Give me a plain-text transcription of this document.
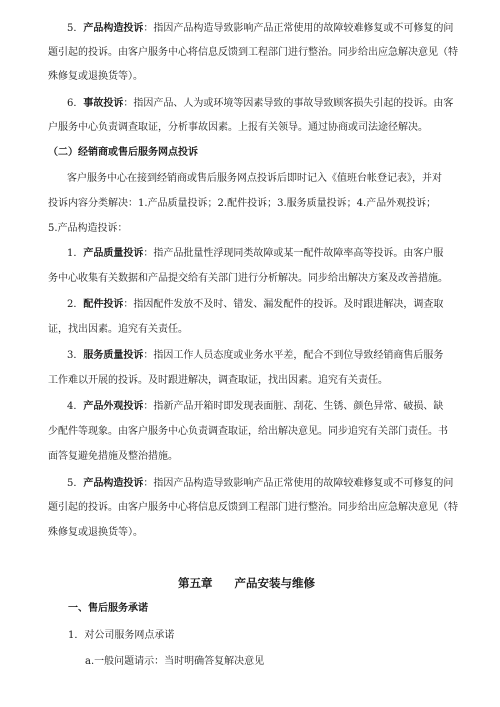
5．产品构造投诉：指因产品构造导致影响产品正常使用的故障较难修复或不可修复的问
题引起的投诉。由客户服务中心将信息反馈到工程部门进行整治。同步给出应急解决意见（特
殊修复或退换货等）。
6．事故投诉：指因产品、人为或环境等因素导致的事故导致顾客损失引起的投诉。由客
户服务中心负责调查取证，分析事故因素。上报有关领导。通过协商或司法途径解决。
（二）经销商或售后服务网点投诉
客户服务中心在接到经销商或售后服务网点投诉后即时记入《值班台帐登记表》，并对
投诉内容分类解决：1.产品质量投诉；2.配件投诉；3.服务质量投诉；4.产品外观投诉；
5.产品构造投诉：
1．产品质量投诉：指产品批量性浮现同类故障或某一配件故障率高等投诉。由客户服
务中心收集有关数据和产品提交给有关部门进行分析解决。同步给出解决方案及改善措施。
2．配件投诉：指因配件发放不及时、错发、漏发配件的投诉。及时跟进解决，调查取
证，找出因素。追究有关责任。
3．服务质量投诉：指因工作人员态度或业务水平差，配合不到位导致经销商售后服务
工作难以开展的投诉。及时跟进解决，调查取证，找出因素。追究有关责任。
4．产品外观投诉：指新产品开箱时即发现表面脏、刮花、生锈、颜色异常、破损、缺
少配件等现象。由客户服务中心负责调查取证，给出解决意见。同步追究有关部门责任。书
面答复避免措施及整治措施。
5．产品构造投诉：指因产品构造导致影响产品正常使用的故障较难修复或不可修复的问
题引起的投诉。由客户服务中心将信息反馈到工程部门进行整治。同步给出应急解决意见（特
殊修复或退换货等）。
第五章 产品安装与维修
一、售后服务承诺
1．对公司服务网点承诺
a.一般问题请示：当时明确答复解决意见
